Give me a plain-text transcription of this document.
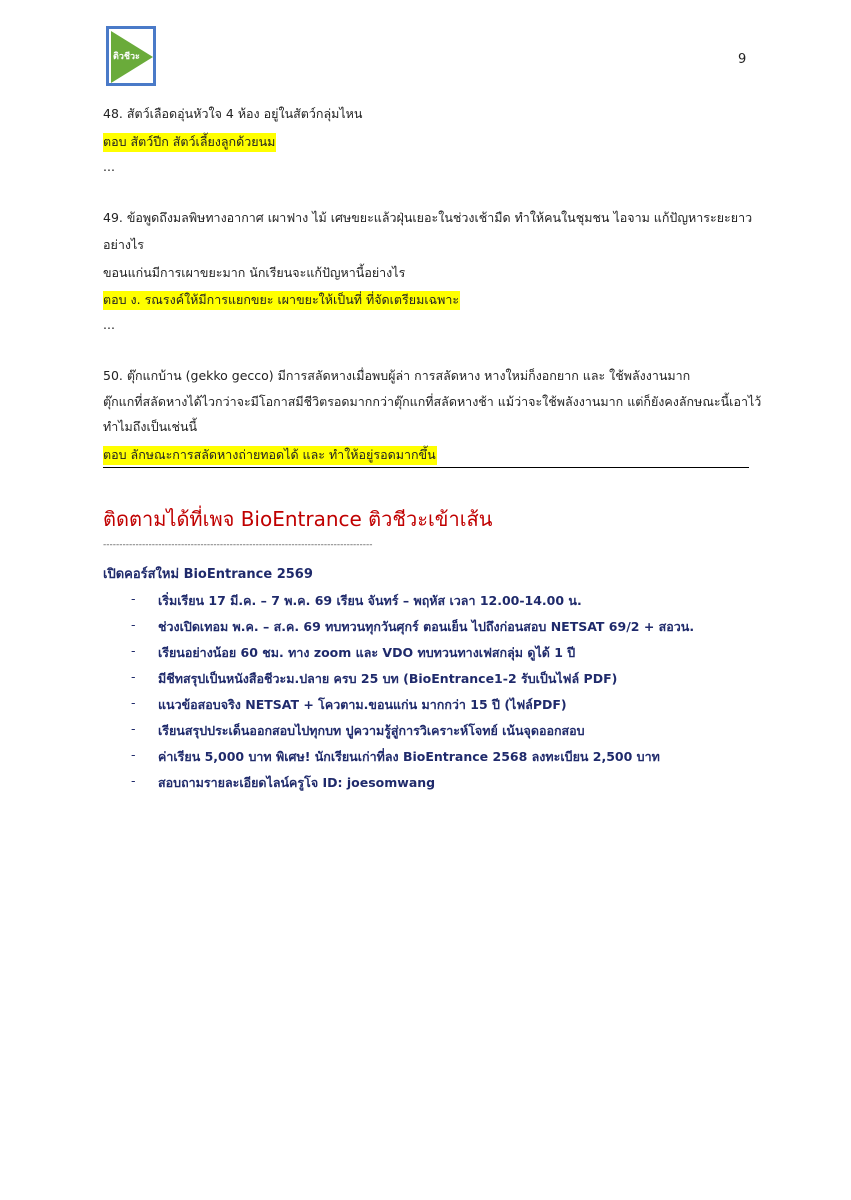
ติวชีวะ	9
48. สัตว์เลือดอุ่นหัวใจ 4 ห้อง อยู่ในสัตว์กลุ่มไหน
ตอบ สัตว์ปีก สัตว์เลี้ยงลูกด้วยนม
...
49. ข้อพูดถึงมลพิษทางอากาศ เผาฟาง ไม้ เศษขยะแล้วฝุ่นเยอะในช่วงเช้ามืด ทำให้คนในชุมชน ไอจาม แก้ปัญหาระยะยาว
อย่างไร
ขอนแก่นมีการเผาขยะมาก นักเรียนจะแก้ปัญหานี้อย่างไร
ตอบ ง. รณรงค์ให้มีการแยกขยะ เผาขยะให้เป็นที่ ที่จัดเตรียมเฉพาะ
...
50. ตุ๊กแกบ้าน (gekko gecco) มีการสลัดหางเมื่อพบผู้ล่า การสลัดหาง หางใหม่ก็งอกยาก และ ใช้พลังงานมาก
ตุ๊กแกที่สลัดหางได้ไวกว่าจะมีโอกาสมีชีวิตรอดมากกว่าตุ๊กแกที่สลัดหางช้า แม้ว่าจะใช้พลังงานมาก แต่ก็ยังคงลักษณะนี้เอาไว้
ทำไมถึงเป็นเช่นนี้
ตอบ ลักษณะการสลัดหางถ่ายทอดได้ และ ทำให้อยู่รอดมากขึ้น
ติดตามได้ที่เพจ BioEntrance ติวชีวะเข้าเส้น
-----------------------------------------------------------------------------------
เปิดคอร์สใหม่ BioEntrance 2569
- เริ่มเรียน 17 มี.ค. – 7 พ.ค. 69 เรียน จันทร์ – พฤหัส เวลา 12.00-14.00 น.
- ช่วงเปิดเทอม พ.ค. – ส.ค. 69 ทบทวนทุกวันศุกร์ ตอนเย็น ไปถึงก่อนสอบ NETSAT 69/2 + สอวน.
- เรียนอย่างน้อย 60 ชม. ทาง zoom และ VDO ทบทวนทางเฟสกลุ่ม ดูได้ 1 ปี
- มีชีทสรุปเป็นหนังสือชีวะม.ปลาย ครบ 25 บท (BioEntrance1-2 รับเป็นไฟล์ PDF)
- แนวข้อสอบจริง NETSAT + โควตาม.ขอนแก่น มากกว่า 15 ปี (ไฟล์PDF)
- เรียนสรุปประเด็นออกสอบไปทุกบท ปูความรู้สู่การวิเคราะห์โจทย์ เน้นจุดออกสอบ
- ค่าเรียน 5,000 บาท พิเศษ! นักเรียนเก่าที่ลง BioEntrance 2568 ลงทะเบียน 2,500 บาท
- สอบถามรายละเอียดไลน์ครูโจ ID: joesomwang
